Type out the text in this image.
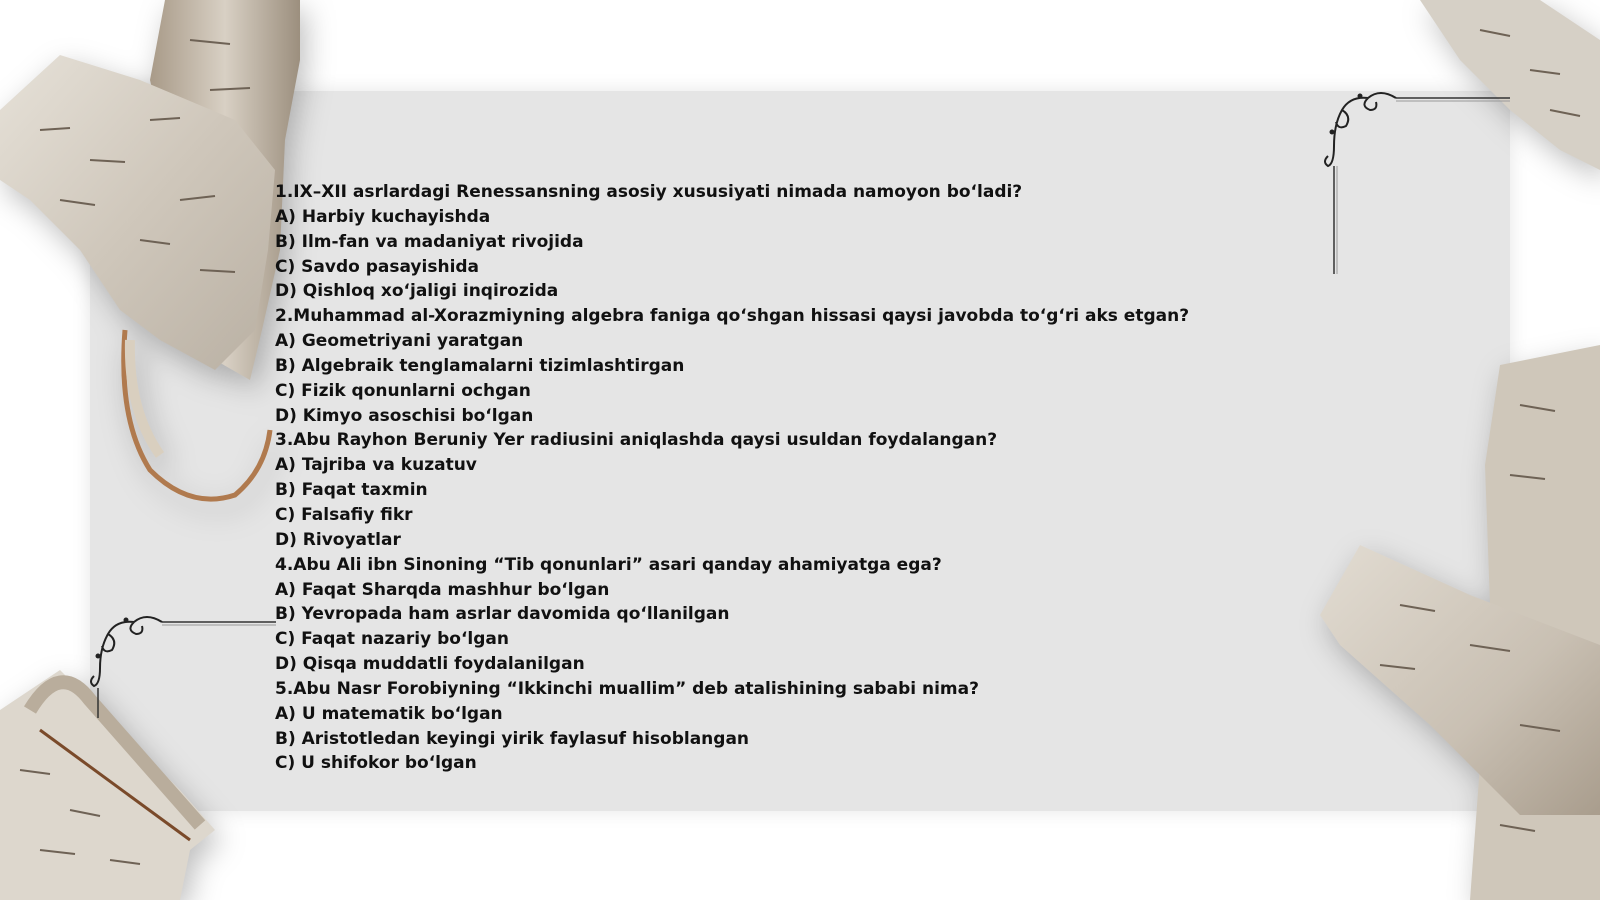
1.IX–XII asrlardagi Renessansning asosiy xususiyati nimada namoyon bo‘ladi?
A) Harbiy kuchayishda
B) Ilm-fan va madaniyat rivojida
C) Savdo pasayishida
D) Qishloq xo‘jaligi inqirozida
2.Muhammad al-Xorazmiyning algebra faniga qo‘shgan hissasi qaysi javobda to‘g‘ri aks etgan?
A) Geometriyani yaratgan
B) Algebraik tenglamalarni tizimlashtirgan
C) Fizik qonunlarni ochgan
D) Kimyo asoschisi bo‘lgan
3.Abu Rayhon Beruniy Yer radiusini aniqlashda qaysi usuldan foydalangan?
A) Tajriba va kuzatuv
B) Faqat taxmin
C) Falsafiy fikr
D) Rivoyatlar
4.Abu Ali ibn Sinoning “Tib qonunlari” asari qanday ahamiyatga ega?
A) Faqat Sharqda mashhur bo‘lgan
B) Yevropada ham asrlar davomida qo‘llanilgan
C) Faqat nazariy bo‘lgan
D) Qisqa muddatli foydalanilgan
5.Abu Nasr Forobiyning “Ikkinchi muallim” deb atalishining sababi nima?
A) U matematik bo‘lgan
B) Aristotledan keyingi yirik faylasuf hisoblangan
C) U shifokor bo‘lgan
